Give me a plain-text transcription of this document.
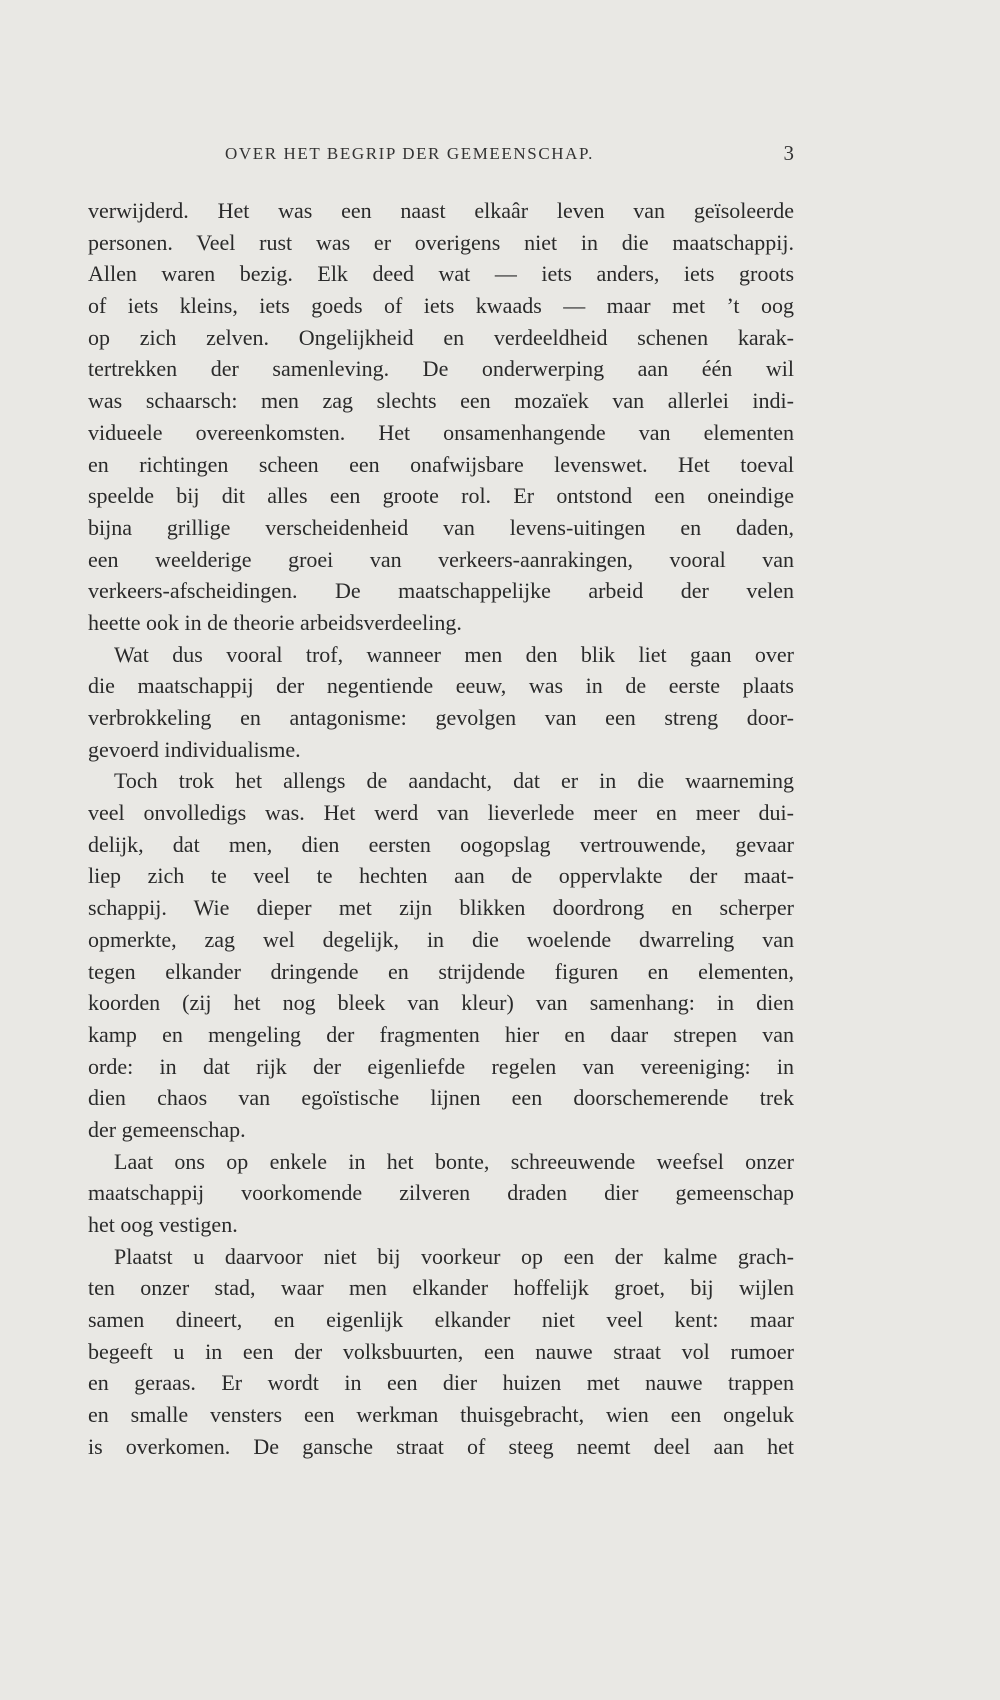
OVER HET BEGRIP DER GEMEENSCHAP.	3
verwijderd. Het was een naast elkaâr leven van geïsoleerde
personen. Veel rust was er overigens niet in die maatschappij.
Allen waren bezig. Elk deed wat — iets anders, iets groots
of iets kleins, iets goeds of iets kwaads — maar met ’t oog
op zich zelven. Ongelijkheid en verdeeldheid schenen karak-
tertrekken der samenleving. De onderwerping aan één wil
was schaarsch: men zag slechts een mozaïek van allerlei indi-
vidueele overeenkomsten. Het onsamenhangende van elementen
en richtingen scheen een onafwijsbare levenswet. Het toeval
speelde bij dit alles een groote rol. Er ontstond een oneindige
bijna grillige verscheidenheid van levens-uitingen en daden,
een weelderige groei van verkeers-aanrakingen, vooral van
verkeers-afscheidingen. De maatschappelijke arbeid der velen
heette ook in de theorie arbeidsverdeeling.
Wat dus vooral trof, wanneer men den blik liet gaan over
die maatschappij der negentiende eeuw, was in de eerste plaats
verbrokkeling en antagonisme: gevolgen van een streng door-
gevoerd individualisme.
Toch trok het allengs de aandacht, dat er in die waarneming
veel onvolledigs was. Het werd van lieverlede meer en meer dui-
delijk, dat men, dien eersten oogopslag vertrouwende, gevaar
liep zich te veel te hechten aan de oppervlakte der maat-
schappij. Wie dieper met zijn blikken doordrong en scherper
opmerkte, zag wel degelijk, in die woelende dwarreling van
tegen elkander dringende en strijdende figuren en elementen,
koorden (zij het nog bleek van kleur) van samenhang: in dien
kamp en mengeling der fragmenten hier en daar strepen van
orde: in dat rijk der eigenliefde regelen van vereeniging: in
dien chaos van egoïstische lijnen een doorschemerende trek
der gemeenschap.
Laat ons op enkele in het bonte, schreeuwende weefsel onzer
maatschappij voorkomende zilveren draden dier gemeenschap
het oog vestigen.
Plaatst u daarvoor niet bij voorkeur op een der kalme grach-
ten onzer stad, waar men elkander hoffelijk groet, bij wijlen
samen dineert, en eigenlijk elkander niet veel kent: maar
begeeft u in een der volksbuurten, een nauwe straat vol rumoer
en geraas. Er wordt in een dier huizen met nauwe trappen
en smalle vensters een werkman thuisgebracht, wien een ongeluk
is overkomen. De gansche straat of steeg neemt deel aan het
